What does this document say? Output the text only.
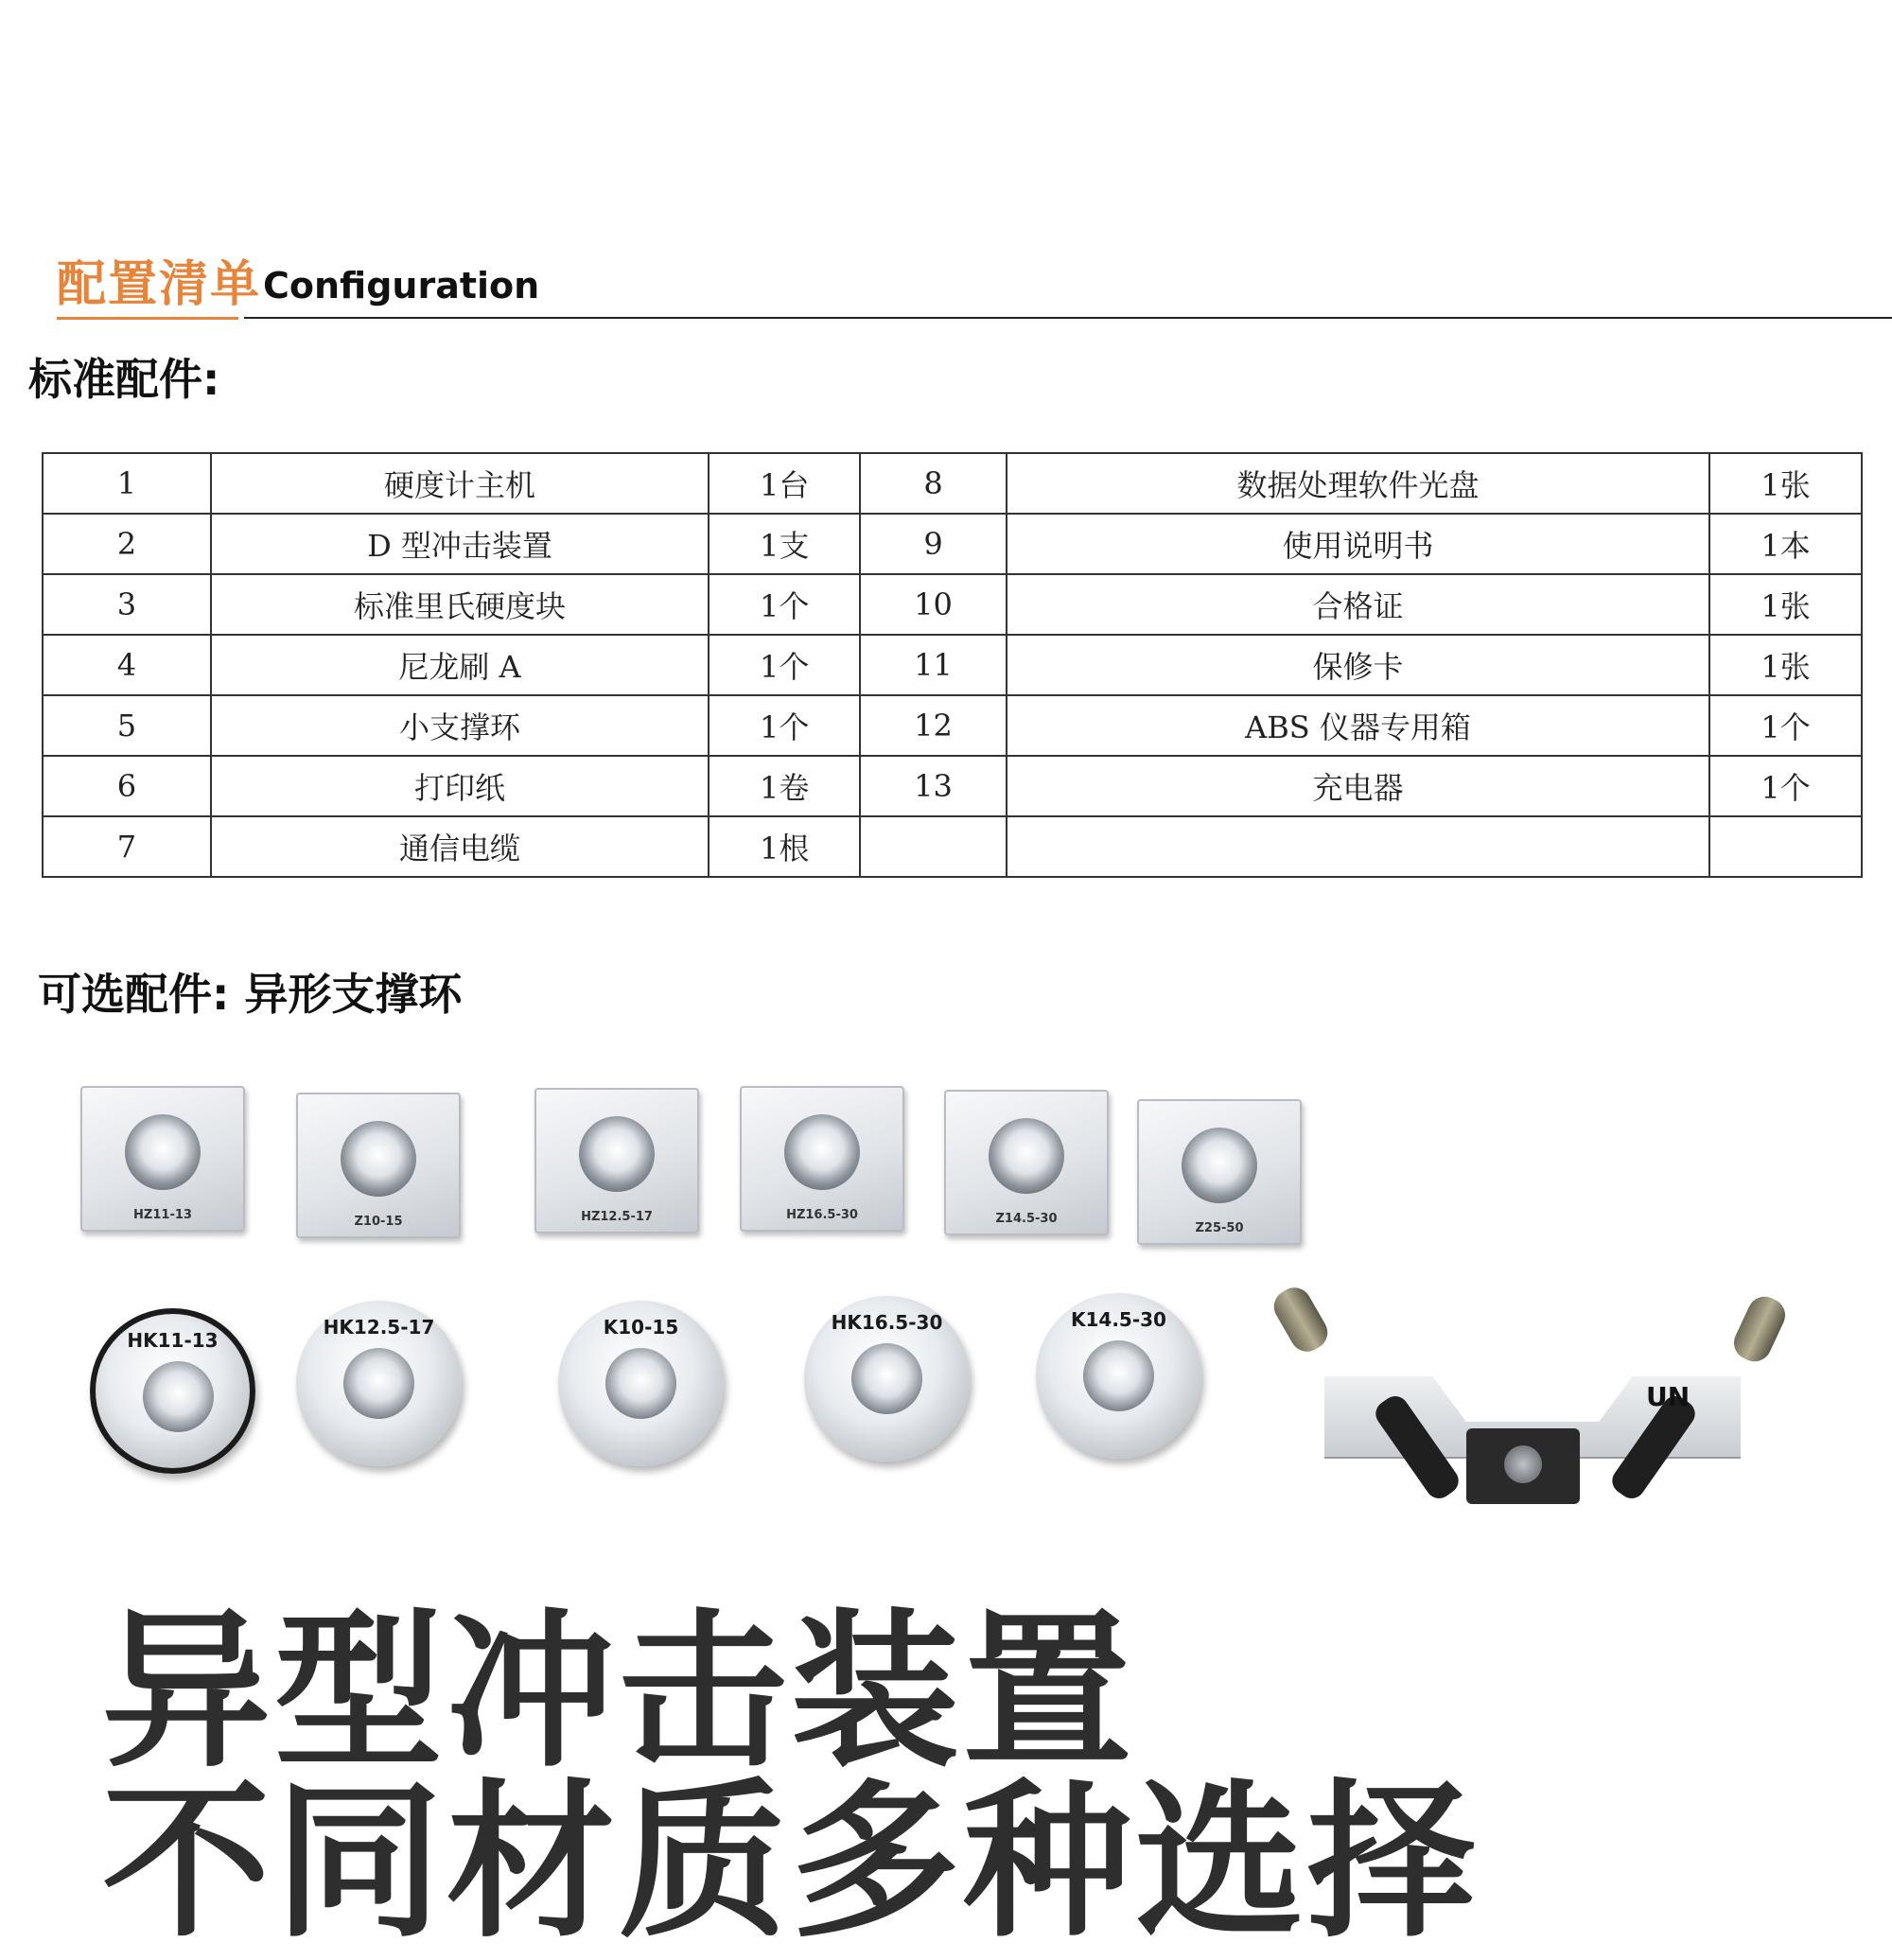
配置清单 Configuration
标准配件:
1	硬度计主机	1台	8	数据处理软件光盘	1张
2	D 型冲击装置	1支	9	使用说明书	1本
3	标准里氏硬度块	1个	10	合格证	1张
4	尼龙刷 A	1个	11	保修卡	1张
5	小支撑环	1个	12	ABS 仪器专用箱	1个
6	打印纸	1卷	13	充电器	1个
7	通信电缆	1根			
可选配件: 异形支撑环
HZ11-13	Z10-15	HZ12.5-17	HZ16.5-30	Z14.5-30
Z25-50
HK11-13
HK12.5-17	K10-15	HK16.5-30	K14.5-30
UN
异型冲击装置
不同材质多种选择
